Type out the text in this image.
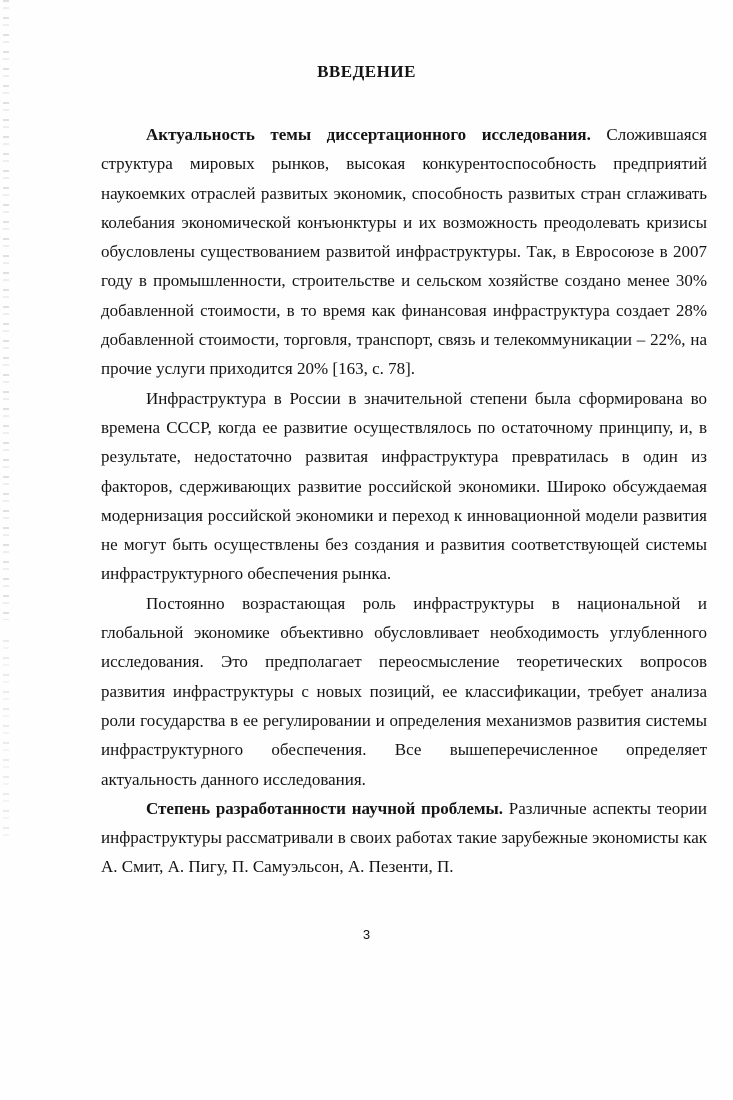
ВВЕДЕНИЕ

Актуальность темы диссертационного исследования. Сложившаяся структура мировых рынков, высокая конкурентоспособность предприятий наукоемких отраслей развитых экономик, способность развитых стран сглаживать колебания экономической конъюнктуры и их возможность преодолевать кризисы обусловлены существованием развитой инфраструктуры. Так, в Евросоюзе в 2007 году в промышленности, строительстве и сельском хозяйстве создано менее 30% добавленной стоимости, в то время как финансовая инфраструктура создает 28% добавленной стоимости, торговля, транспорт, связь и телекоммуникации – 22%, на прочие услуги приходится 20% [163, с. 78].

Инфраструктура в России в значительной степени была сформирована во времена СССР, когда ее развитие осуществлялось по остаточному принципу, и, в результате, недостаточно развитая инфраструктура превратилась в один из факторов, сдерживающих развитие российской экономики. Широко обсуждаемая модернизация российской экономики и переход к инновационной модели развития не могут быть осуществлены без создания и развития соответствующей системы инфраструктурного обеспечения рынка.

Постоянно возрастающая роль инфраструктуры в национальной и глобальной экономике объективно обусловливает необходимость углубленного исследования. Это предполагает переосмысление теоретических вопросов развития инфраструктуры с новых позиций, ее классификации, требует анализа роли государства в ее регулировании и определения механизмов развития системы инфраструктурного обеспечения. Все вышеперечисленное определяет актуальность данного исследования.

Степень разработанности научной проблемы. Различные аспекты теории инфраструктуры рассматривали в своих работах такие зарубежные экономисты как А. Смит, А. Пигу, П. Самуэльсон, А. Пезенти, П.

3
